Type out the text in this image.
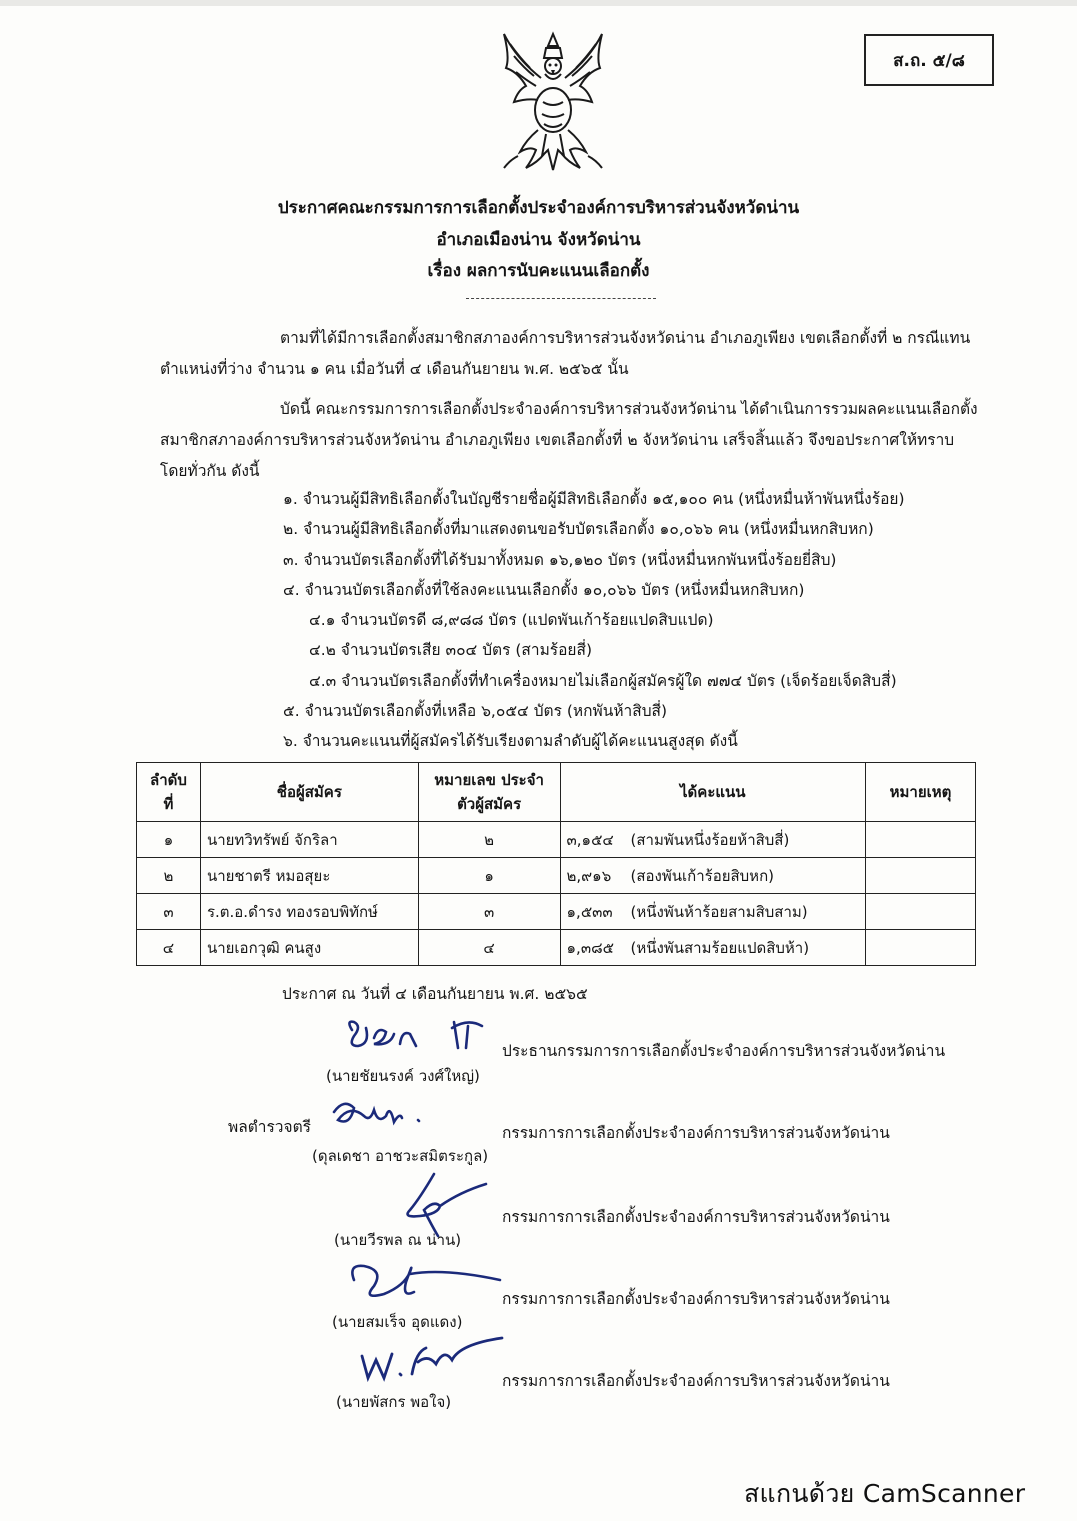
ส.ถ. ๕/๘
ประกาศคณะกรรมการการเลือกตั้งประจำองค์การบริหารส่วนจังหวัดน่าน
อำเภอเมืองน่าน จังหวัดน่าน
เรื่อง ผลการนับคะแนนเลือกตั้ง
ตามที่ได้มีการเลือกตั้งสมาชิกสภาองค์การบริหารส่วนจังหวัดน่าน อำเภอภูเพียง เขตเลือกตั้งที่ ๒ กรณีแทนตำแหน่งที่ว่าง จำนวน ๑ คน เมื่อวันที่ ๔ เดือนกันยายน พ.ศ. ๒๕๖๕ นั้น
บัดนี้ คณะกรรมการการเลือกตั้งประจำองค์การบริหารส่วนจังหวัดน่าน ได้ดำเนินการรวมผลคะแนนเลือกตั้งสมาชิกสภาองค์การบริหารส่วนจังหวัดน่าน อำเภอภูเพียง เขตเลือกตั้งที่ ๒ จังหวัดน่าน เสร็จสิ้นแล้ว จึงขอประกาศให้ทราบโดยทั่วกัน ดังนี้
๑. จำนวนผู้มีสิทธิเลือกตั้งในบัญชีรายชื่อผู้มีสิทธิเลือกตั้ง ๑๕,๑๐๐ คน (หนึ่งหมื่นห้าพันหนึ่งร้อย)
๒. จำนวนผู้มีสิทธิเลือกตั้งที่มาแสดงตนขอรับบัตรเลือกตั้ง ๑๐,๐๖๖ คน (หนึ่งหมื่นหกสิบหก)
๓. จำนวนบัตรเลือกตั้งที่ได้รับมาทั้งหมด ๑๖,๑๒๐ บัตร (หนึ่งหมื่นหกพันหนึ่งร้อยยี่สิบ)
๔. จำนวนบัตรเลือกตั้งที่ใช้ลงคะแนนเลือกตั้ง ๑๐,๐๖๖ บัตร (หนึ่งหมื่นหกสิบหก)
๔.๑ จำนวนบัตรดี ๘,๙๘๘ บัตร (แปดพันเก้าร้อยแปดสิบแปด)
๔.๒ จำนวนบัตรเสีย ๓๐๔ บัตร (สามร้อยสี่)
๔.๓ จำนวนบัตรเลือกตั้งที่ทำเครื่องหมายไม่เลือกผู้สมัครผู้ใด ๗๗๔ บัตร (เจ็ดร้อยเจ็ดสิบสี่)
๕. จำนวนบัตรเลือกตั้งที่เหลือ ๖,๐๕๔ บัตร (หกพันห้าสิบสี่)
๖. จำนวนคะแนนที่ผู้สมัครได้รับเรียงตามลำดับผู้ได้คะแนนสูงสุด ดังนี้
ลำดับ ที่	ชื่อผู้สมัคร	หมายเลข ประจำตัวผู้สมัคร	ได้คะแนน	หมายเหตุ
๑	นายทวิทรัพย์ จักริลา	๒	๓,๑๕๔ (สามพันหนึ่งร้อยห้าสิบสี่)	
๒	นายชาตรี หมอสุยะ	๑	๒,๙๑๖ (สองพันเก้าร้อยสิบหก)	
๓	ร.ต.อ.ดำรง ทองรอบพิทักษ์	๓	๑,๕๓๓ (หนึ่งพันห้าร้อยสามสิบสาม)	
๔	นายเอกวุฒิ คนสูง	๔	๑,๓๘๕ (หนึ่งพันสามร้อยแปดสิบห้า)	
ประกาศ ณ วันที่ ๔ เดือนกันยายน พ.ศ. ๒๕๖๕
ประธานกรรมการการเลือกตั้งประจำองค์การบริหารส่วนจังหวัดน่าน
(นายชัยนรงค์ วงศ์ใหญ่)
พลตำรวจตรี	กรรมการการเลือกตั้งประจำองค์การบริหารส่วนจังหวัดน่าน
(ดุลเดชา อาชวะสมิตระกูล)
กรรมการการเลือกตั้งประจำองค์การบริหารส่วนจังหวัดน่าน
(นายวีรพล ณ น่าน)
กรรมการการเลือกตั้งประจำองค์การบริหารส่วนจังหวัดน่าน
(นายสมเร็จ อุดแดง)
กรรมการการเลือกตั้งประจำองค์การบริหารส่วนจังหวัดน่าน
(นายพัสกร พอใจ)
สแกนด้วย CamScanner
